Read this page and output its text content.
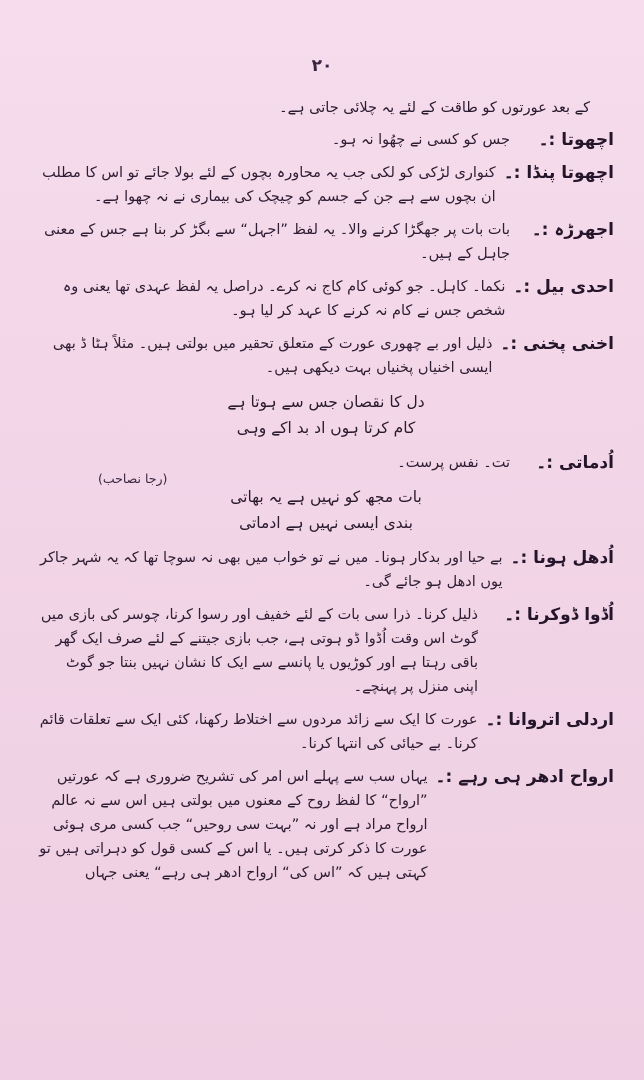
۲۰
کے بعد عورتوں کو طاقت کے لئے یہ چلائی جاتی ہے۔
اچھوتا :۔
جس کو کسی نے چھُوا نہ ہو۔
اچھوتا پنڈا :۔
کنواری لڑکی کو لکی جب یہ محاورہ بچوں کے لئے بولا جائے تو اس کا مطلب ان بچوں سے ہے جن کے جسم کو چیچک کی بیماری نے نہ چھوا ہے۔
اجھرڑہ :۔
بات بات پر جھگڑا کرنے والا۔ یہ لفظ ”اجہل“ سے بگڑ کر بنا ہے جس کے معنی جاہل کے ہیں۔
احدی بیل :۔
نکما۔ کاہل۔ جو کوئی کام کاج نہ کرے۔ دراصل یہ لفظ عہدی تھا یعنی وہ شخص جس نے کام نہ کرنے کا عہد کر لیا ہو۔
اخنی پخنی :۔
ذلیل اور بے چھوری عورت کے متعلق تحقیر میں بولتی ہیں۔ مثلاً ہٹا ڈ بھی ایسی اخنیاں پخنیاں بہت دیکھی ہیں۔
دل کا نقصان جس سے ہوتا ہے
کام کرتا ہوں اد بد اکے وہی
اُدماتی :۔
تت۔ نفس پرست۔
بات مجھ کو نہیں ہے یہ بھاتی
بندی ایسی نہیں ہے ادماتی
(رجا نصاحب)
اُدھل ہونا :۔
بے حیا اور بدکار ہونا۔ میں نے تو خواب میں بھی نہ سوچا تھا کہ یہ شہر جاکر یوں ادھل ہو جائے گی۔
اُڈوا ڈوکرنا :۔
ذلیل کرنا۔ ذرا سی بات کے لئے خفیف اور رسوا کرنا، چوسر کی بازی میں گوٹ اس وقت اُڈوا ڈو ہوتی ہے، جب بازی جیتنے کے لئے صرف ایک گھر باقی رہتا ہے اور کوڑیوں یا پانسے سے ایک کا نشان نہیں بنتا جو گوٹ اپنی منزل پر پہنچے۔
اردلی اتروانا :۔
عورت کا ایک سے زائد مردوں سے اختلاط رکھنا، کئی ایک سے تعلقات قائم کرنا۔ بے حیائی کی انتہا کرنا۔
ارواح ادھر ہی رہے :۔
یہاں سب سے پہلے اس امر کی تشریح ضروری ہے کہ عورتیں ”ارواح“ کا لفظ روح کے معنوں میں بولتی ہیں اس سے نہ عالم ارواح مراد ہے اور نہ ”بہت سی روحیں“ جب کسی مری ہوئی عورت کا ذکر کرتی ہیں۔ یا اس کے کسی قول کو دہراتی ہیں تو کہتی ہیں کہ ”اس کی“ ارواح ادھر ہی رہے“ یعنی جہاں
